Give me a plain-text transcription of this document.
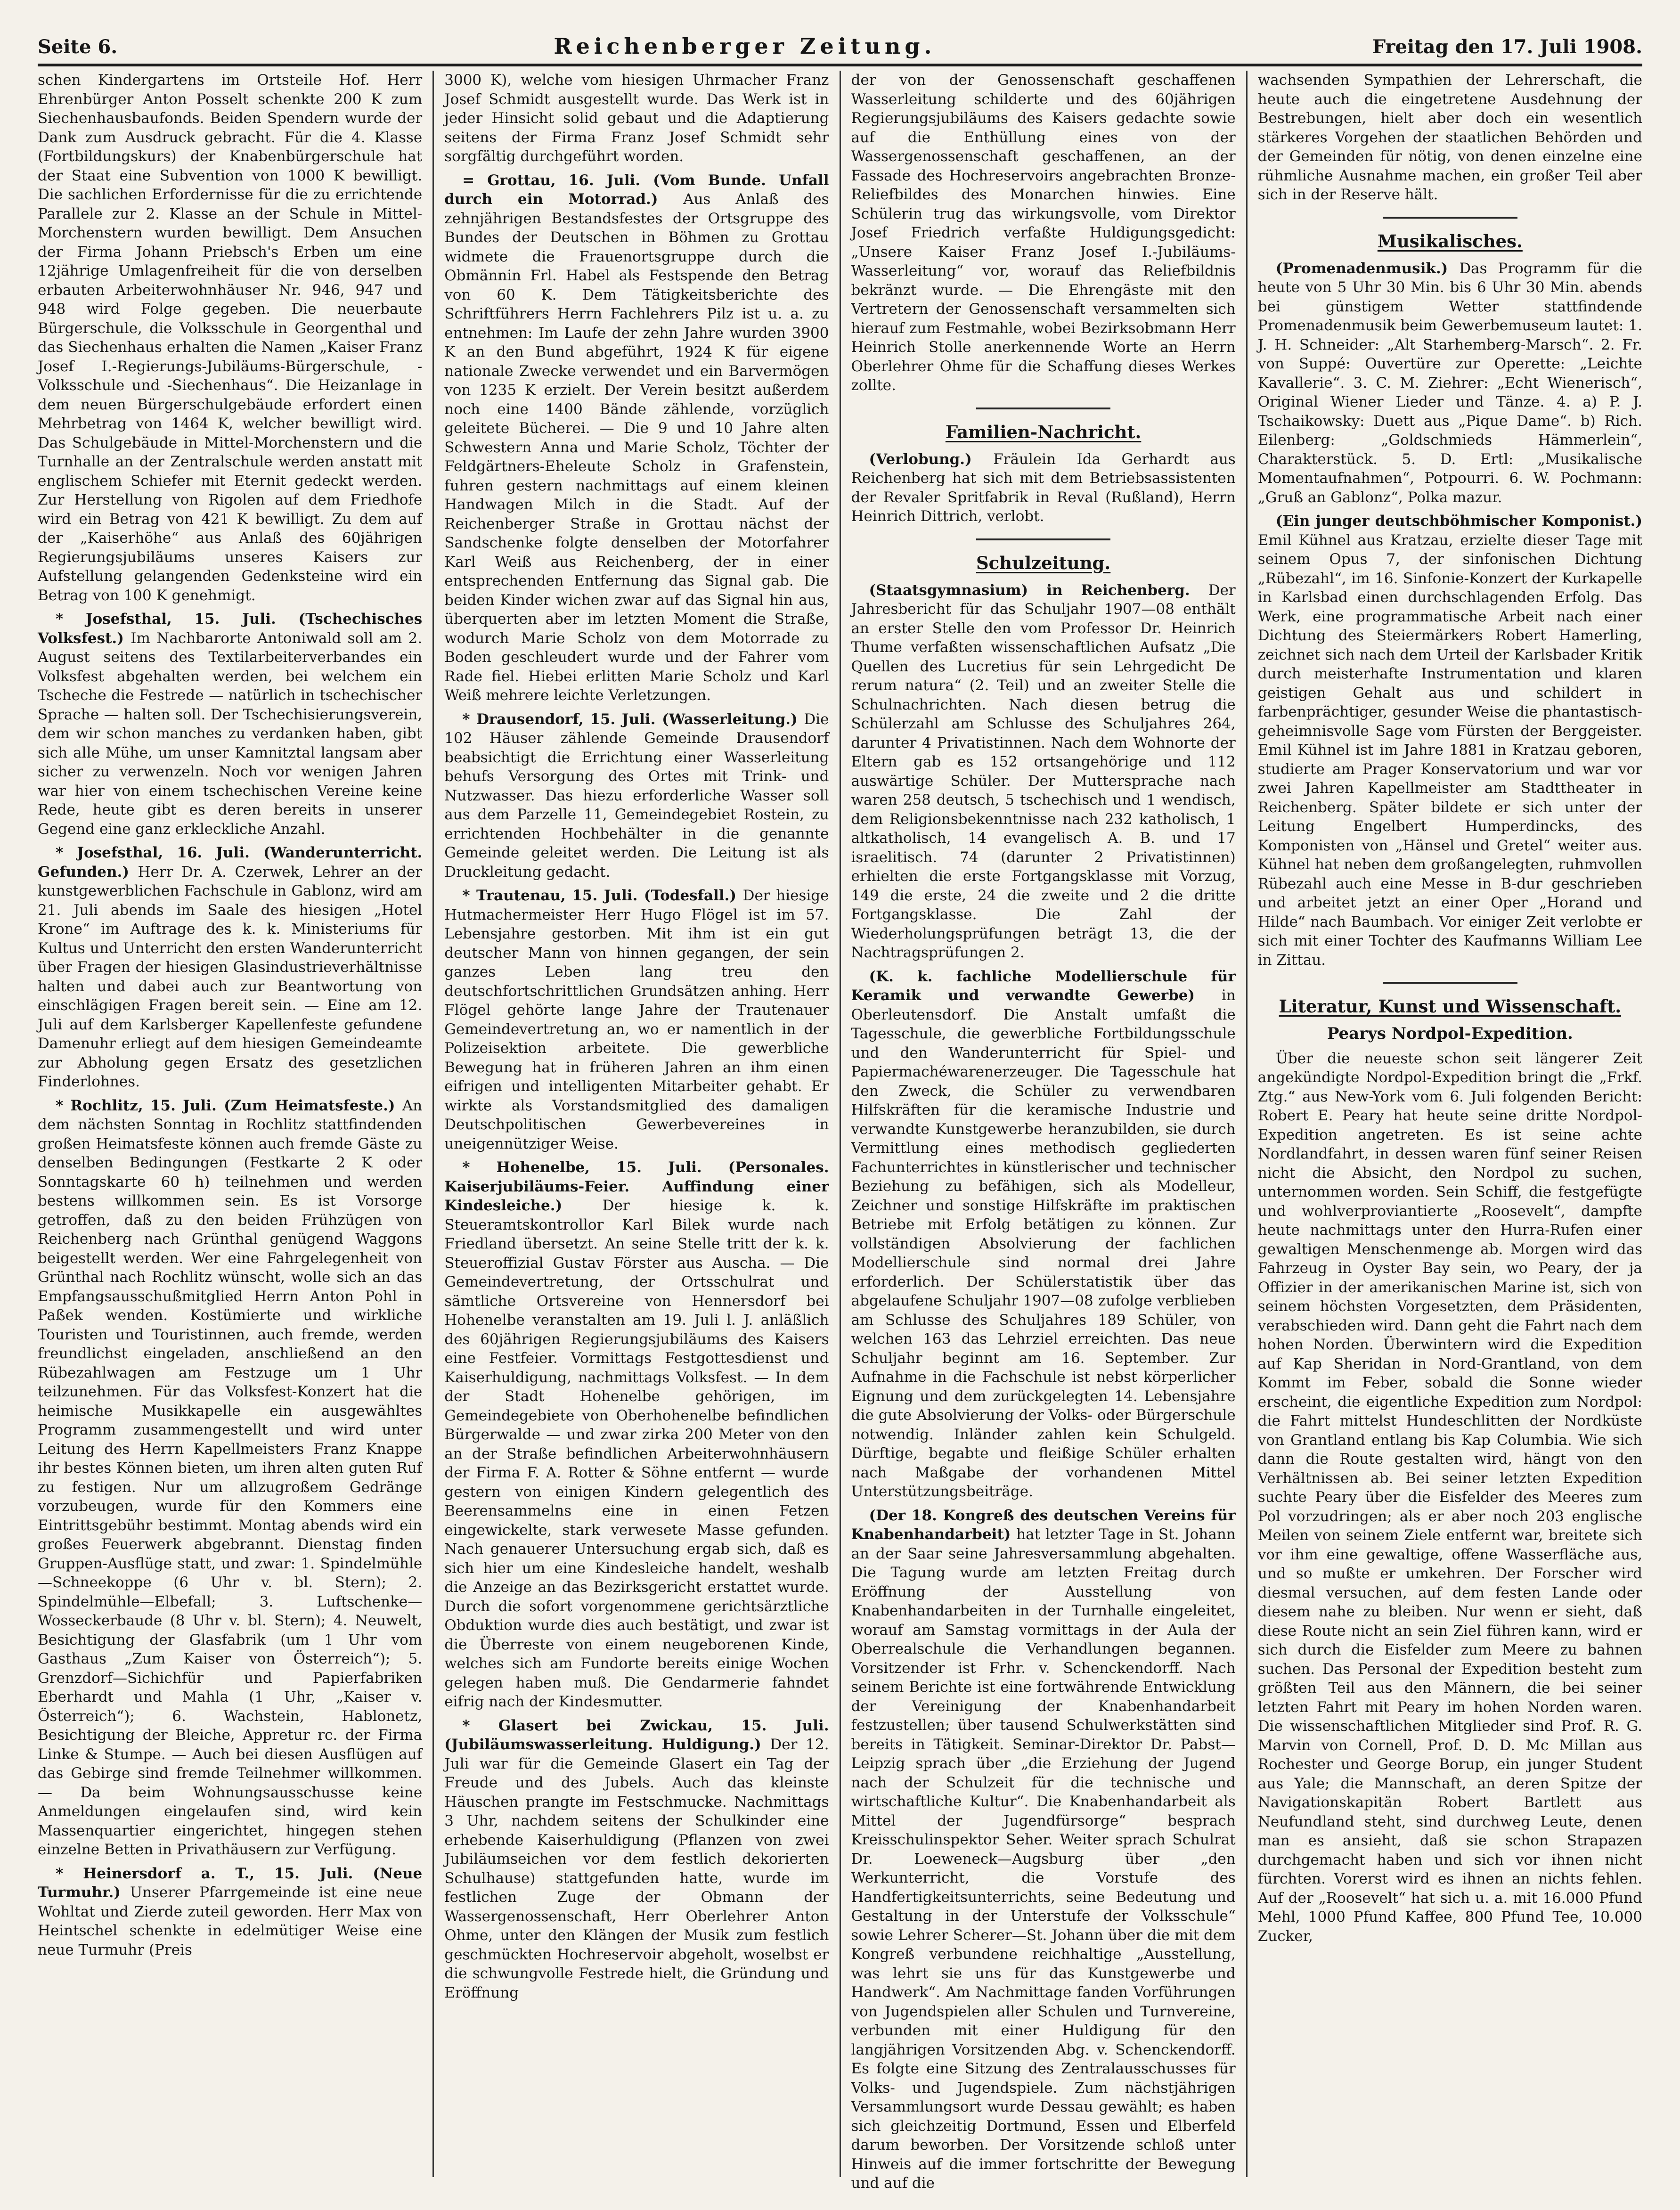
Seite 6.	Reichenberger Zeitung.	Freitag den 17. Juli 1908.

schen Kindergartens im Ortsteile Hof. Herr Ehrenbürger Anton Posselt schenkte 200 K zum Siechenhausbaufonds. Beiden Spendern wurde der Dank zum Ausdruck gebracht. Für die 4. Klasse (Fortbildungskurs) der Knabenbürgerschule hat der Staat eine Subvention von 1000 K bewilligt. Die sachlichen Erfordernisse für die zu errichtende Parallele zur 2. Klasse an der Schule in Mittel-Morchenstern wurden bewilligt. Dem Ansuchen der Firma Johann Priebsch's Erben um eine 12jährige Umlagenfreiheit für die von derselben erbauten Arbeiterwohnhäuser Nr. 946, 947 und 948 wird Folge gegeben. Die neuerbaute Bürgerschule, die Volksschule in Georgenthal und das Siechenhaus erhalten die Namen „Kaiser Franz Josef I.-Regierungs-Jubiläums-Bürgerschule, -Volksschule und -Siechenhaus“. Die Heizanlage in dem neuen Bürgerschulgebäude erfordert einen Mehrbetrag von 1464 K, welcher bewilligt wird. Das Schulgebäude in Mittel-Morchenstern und die Turnhalle an der Zentralschule werden anstatt mit englischem Schiefer mit Eternit gedeckt werden. Zur Herstellung von Rigolen auf dem Friedhofe wird ein Betrag von 421 K bewilligt. Zu dem auf der „Kaiserhöhe“ aus Anlaß des 60jährigen Regierungsjubiläums unseres Kaisers zur Aufstellung gelangenden Gedenksteine wird ein Betrag von 100 K genehmigt.

* Josefsthal, 15. Juli. (Tschechisches Volksfest.) Im Nachbarorte Antoniwald soll am 2. August seitens des Textilarbeiterverbandes ein Volksfest abgehalten werden, bei welchem ein Tscheche die Festrede — natürlich in tschechischer Sprache — halten soll. Der Tschechisierungsverein, dem wir schon manches zu verdanken haben, gibt sich alle Mühe, um unser Kamnitztal langsam aber sicher zu verwenzeln. Noch vor wenigen Jahren war hier von einem tschechischen Vereine keine Rede, heute gibt es deren bereits in unserer Gegend eine ganz erkleckliche Anzahl.

* Josefsthal, 16. Juli. (Wanderunterricht. Gefunden.) Herr Dr. A. Czerwek, Lehrer an der kunstgewerblichen Fachschule in Gablonz, wird am 21. Juli abends im Saale des hiesigen „Hotel Krone“ im Auftrage des k. k. Ministeriums für Kultus und Unterricht den ersten Wanderunterricht über Fragen der hiesigen Glasindustrieverhältnisse halten und dabei auch zur Beantwortung von einschlägigen Fragen bereit sein. — Eine am 12. Juli auf dem Karlsberger Kapellenfeste gefundene Damenuhr erliegt auf dem hiesigen Gemeindeamte zur Abholung gegen Ersatz des gesetzlichen Finderlohnes.

* Rochlitz, 15. Juli. (Zum Heimatsfeste.) An dem nächsten Sonntag in Rochlitz stattfindenden großen Heimatsfeste können auch fremde Gäste zu denselben Bedingungen (Festkarte 2 K oder Sonntagskarte 60 h) teilnehmen und werden bestens willkommen sein. Es ist Vorsorge getroffen, daß zu den beiden Frühzügen von Reichenberg nach Grünthal genügend Waggons beigestellt werden. Wer eine Fahrgelegenheit von Grünthal nach Rochlitz wünscht, wolle sich an das Empfangsausschußmitglied Herrn Anton Pohl in Paßek wenden. Kostümierte und wirkliche Touristen und Touristinnen, auch fremde, werden freundlichst eingeladen, anschließend an den Rübezahlwagen am Festzuge um 1 Uhr teilzunehmen. Für das Volksfest-Konzert hat die heimische Musikkapelle ein ausgewähltes Programm zusammengestellt und wird unter Leitung des Herrn Kapellmeisters Franz Knappe ihr bestes Können bieten, um ihren alten guten Ruf zu festigen. Nur um allzugroßem Gedränge vorzubeugen, wurde für den Kommers eine Eintrittsgebühr bestimmt. Montag abends wird ein großes Feuerwerk abgebrannt. Dienstag finden Gruppen-Ausflüge statt, und zwar: 1. Spindelmühle—Schneekoppe (6 Uhr v. bl. Stern); 2. Spindelmühle—Elbefall; 3. Luftschenke—Wosseckerbaude (8 Uhr v. bl. Stern); 4. Neuwelt, Besichtigung der Glasfabrik (um 1 Uhr vom Gasthaus „Zum Kaiser von Österreich“); 5. Grenzdorf—Sichichfür und Papierfabriken Eberhardt und Mahla (1 Uhr, „Kaiser v. Österreich“); 6. Wachstein, Hablonetz, Besichtigung der Bleiche, Appretur rc. der Firma Linke & Stumpe. — Auch bei diesen Ausflügen auf das Gebirge sind fremde Teilnehmer willkommen. — Da beim Wohnungsausschusse keine Anmeldungen eingelaufen sind, wird kein Massenquartier eingerichtet, hingegen stehen einzelne Betten in Privathäusern zur Verfügung.

* Heinersdorf a. T., 15. Juli. (Neue Turmuhr.) Unserer Pfarrgemeinde ist eine neue Wohltat und Zierde zuteil geworden. Herr Max von Heintschel schenkte in edelmütiger Weise eine neue Turmuhr (Preis

3000 K), welche vom hiesigen Uhrmacher Franz Josef Schmidt ausgestellt wurde. Das Werk ist in jeder Hinsicht solid gebaut und die Adaptierung seitens der Firma Franz Josef Schmidt sehr sorgfältig durchgeführt worden.

= Grottau, 16. Juli. (Vom Bunde. Unfall durch ein Motorrad.) Aus Anlaß des zehnjährigen Bestandsfestes der Ortsgruppe des Bundes der Deutschen in Böhmen zu Grottau widmete die Frauenortsgruppe durch die Obmännin Frl. Habel als Festspende den Betrag von 60 K. Dem Tätigkeitsberichte des Schriftführers Herrn Fachlehrers Pilz ist u. a. zu entnehmen: Im Laufe der zehn Jahre wurden 3900 K an den Bund abgeführt, 1924 K für eigene nationale Zwecke verwendet und ein Barvermögen von 1235 K erzielt. Der Verein besitzt außerdem noch eine 1400 Bände zählende, vorzüglich geleitete Bücherei. — Die 9 und 10 Jahre alten Schwestern Anna und Marie Scholz, Töchter der Feldgärtners-Eheleute Scholz in Grafenstein, fuhren gestern nachmittags auf einem kleinen Handwagen Milch in die Stadt. Auf der Reichenberger Straße in Grottau nächst der Sandschenke folgte denselben der Motorfahrer Karl Weiß aus Reichenberg, der in einer entsprechenden Entfernung das Signal gab. Die beiden Kinder wichen zwar auf das Signal hin aus, überquerten aber im letzten Moment die Straße, wodurch Marie Scholz von dem Motorrade zu Boden geschleudert wurde und der Fahrer vom Rade fiel. Hiebei erlitten Marie Scholz und Karl Weiß mehrere leichte Verletzungen.

* Drausendorf, 15. Juli. (Wasserleitung.) Die 102 Häuser zählende Gemeinde Drausendorf beabsichtigt die Errichtung einer Wasserleitung behufs Versorgung des Ortes mit Trink- und Nutzwasser. Das hiezu erforderliche Wasser soll aus dem Parzelle 11, Gemeindegebiet Rostein, zu errichtenden Hochbehälter in die genannte Gemeinde geleitet werden. Die Leitung ist als Druckleitung gedacht.

* Trautenau, 15. Juli. (Todesfall.) Der hiesige Hutmachermeister Herr Hugo Flögel ist im 57. Lebensjahre gestorben. Mit ihm ist ein gut deutscher Mann von hinnen gegangen, der sein ganzes Leben lang treu den deutschfortschrittlichen Grundsätzen anhing. Herr Flögel gehörte lange Jahre der Trautenauer Gemeindevertretung an, wo er namentlich in der Polizeisektion arbeitete. Die gewerbliche Bewegung hat in früheren Jahren an ihm einen eifrigen und intelligenten Mitarbeiter gehabt. Er wirkte als Vorstandsmitglied des damaligen Deutschpolitischen Gewerbevereines in uneigennütziger Weise.

* Hohenelbe, 15. Juli. (Personales. Kaiserjubiläums-Feier. Auffindung einer Kindesleiche.) Der hiesige k. k. Steueramtskontrollor Karl Bilek wurde nach Friedland übersetzt. An seine Stelle tritt der k. k. Steueroffizial Gustav Förster aus Auscha. — Die Gemeindevertretung, der Ortsschulrat und sämtliche Ortsvereine von Hennersdorf bei Hohenelbe veranstalten am 19. Juli l. J. anläßlich des 60jährigen Regierungsjubiläums des Kaisers eine Festfeier. Vormittags Festgottesdienst und Kaiserhuldigung, nachmittags Volksfest. — In dem der Stadt Hohenelbe gehörigen, im Gemeindegebiete von Oberhohenelbe befindlichen Bürgerwalde — und zwar zirka 200 Meter von den an der Straße befindlichen Arbeiterwohnhäusern der Firma F. A. Rotter & Söhne entfernt — wurde gestern von einigen Kindern gelegentlich des Beerensammelns eine in einen Fetzen eingewickelte, stark verwesete Masse gefunden. Nach genauerer Untersuchung ergab sich, daß es sich hier um eine Kindesleiche handelt, weshalb die Anzeige an das Bezirksgericht erstattet wurde. Durch die sofort vorgenommene gerichtsärztliche Obduktion wurde dies auch bestätigt, und zwar ist die Überreste von einem neugeborenen Kinde, welches sich am Fundorte bereits einige Wochen gelegen haben muß. Die Gendarmerie fahndet eifrig nach der Kindesmutter.

* Glasert bei Zwickau, 15. Juli. (Jubiläumswasserleitung. Huldigung.) Der 12. Juli war für die Gemeinde Glasert ein Tag der Freude und des Jubels. Auch das kleinste Häuschen prangte im Festschmucke. Nachmittags 3 Uhr, nachdem seitens der Schulkinder eine erhebende Kaiserhuldigung (Pflanzen von zwei Jubiläumseichen vor dem festlich dekorierten Schulhause) stattgefunden hatte, wurde im festlichen Zuge der Obmann der Wassergenossenschaft, Herr Oberlehrer Anton Ohme, unter den Klängen der Musik zum festlich geschmückten Hochreservoir abgeholt, woselbst er die schwungvolle Festrede hielt, die Gründung und Eröffnung

der von der Genossenschaft geschaffenen Wasserleitung schilderte und des 60jährigen Regierungsjubiläums des Kaisers gedachte sowie auf die Enthüllung eines von der Wassergenossenschaft geschaffenen, an der Fassade des Hochreservoirs angebrachten Bronze-Reliefbildes des Monarchen hinwies. Eine Schülerin trug das wirkungsvolle, vom Direktor Josef Friedrich verfaßte Huldigungsgedicht: „Unsere Kaiser Franz Josef I.-Jubiläums-Wasserleitung“ vor, worauf das Reliefbildnis bekränzt wurde. — Die Ehrengäste mit den Vertretern der Genossenschaft versammelten sich hierauf zum Festmahle, wobei Bezirksobmann Herr Heinrich Stolle anerkennende Worte an Herrn Oberlehrer Ohme für die Schaffung dieses Werkes zollte.

Familien-Nachricht.

(Verlobung.) Fräulein Ida Gerhardt aus Reichenberg hat sich mit dem Betriebsassistenten der Revaler Spritfabrik in Reval (Rußland), Herrn Heinrich Dittrich, verlobt.

Schulzeitung.

(Staatsgymnasium) in Reichenberg. Der Jahresbericht für das Schuljahr 1907—08 enthält an erster Stelle den vom Professor Dr. Heinrich Thume verfaßten wissenschaftlichen Aufsatz „Die Quellen des Lucretius für sein Lehrgedicht De rerum natura“ (2. Teil) und an zweiter Stelle die Schulnachrichten. Nach diesen betrug die Schülerzahl am Schlusse des Schuljahres 264, darunter 4 Privatistinnen. Nach dem Wohnorte der Eltern gab es 152 ortsangehörige und 112 auswärtige Schüler. Der Muttersprache nach waren 258 deutsch, 5 tschechisch und 1 wendisch, dem Religionsbekenntnisse nach 232 katholisch, 1 altkatholisch, 14 evangelisch A. B. und 17 israelitisch. 74 (darunter 2 Privatistinnen) erhielten die erste Fortgangsklasse mit Vorzug, 149 die erste, 24 die zweite und 2 die dritte Fortgangsklasse. Die Zahl der Wiederholungsprüfungen beträgt 13, die der Nachtragsprüfungen 2.

(K. k. fachliche Modellierschule für Keramik und verwandte Gewerbe) in Oberleutensdorf. Die Anstalt umfaßt die Tagesschule, die gewerbliche Fortbildungsschule und den Wanderunterricht für Spiel- und Papiermachéwarenerzeuger. Die Tagesschule hat den Zweck, die Schüler zu verwendbaren Hilfskräften für die keramische Industrie und verwandte Kunstgewerbe heranzubilden, sie durch Vermittlung eines methodisch gegliederten Fachunterrichtes in künstlerischer und technischer Beziehung zu befähigen, sich als Modelleur, Zeichner und sonstige Hilfskräfte im praktischen Betriebe mit Erfolg betätigen zu können. Zur vollständigen Absolvierung der fachlichen Modellierschule sind normal drei Jahre erforderlich. Der Schülerstatistik über das abgelaufene Schuljahr 1907—08 zufolge verblieben am Schlusse des Schuljahres 189 Schüler, von welchen 163 das Lehrziel erreichten. Das neue Schuljahr beginnt am 16. September. Zur Aufnahme in die Fachschule ist nebst körperlicher Eignung und dem zurückgelegten 14. Lebensjahre die gute Absolvierung der Volks- oder Bürgerschule notwendig. Inländer zahlen kein Schulgeld. Dürftige, begabte und fleißige Schüler erhalten nach Maßgabe der vorhandenen Mittel Unterstützungsbeiträge.

(Der 18. Kongreß des deutschen Vereins für Knabenhandarbeit) hat letzter Tage in St. Johann an der Saar seine Jahresversammlung abgehalten. Die Tagung wurde am letzten Freitag durch Eröffnung der Ausstellung von Knabenhandarbeiten in der Turnhalle eingeleitet, worauf am Samstag vormittags in der Aula der Oberrealschule die Verhandlungen begannen. Vorsitzender ist Frhr. v. Schenckendorff. Nach seinem Berichte ist eine fortwährende Entwicklung der Vereinigung der Knabenhandarbeit festzustellen; über tausend Schulwerkstätten sind bereits in Tätigkeit. Seminar-Direktor Dr. Pabst—Leipzig sprach über „die Erziehung der Jugend nach der Schulzeit für die technische und wirtschaftliche Kultur“. Die Knabenhandarbeit als Mittel der Jugendfürsorge“ besprach Kreisschulinspektor Seher. Weiter sprach Schulrat Dr. Loeweneck—Augsburg über „den Werkunterricht, die Vorstufe des Handfertigkeitsunterrichts, seine Bedeutung und Gestaltung in der Unterstufe der Volksschule“ sowie Lehrer Scherer—St. Johann über die mit dem Kongreß verbundene reichhaltige „Ausstellung, was lehrt sie uns für das Kunstgewerbe und Handwerk“. Am Nachmittage fanden Vorführungen von Jugendspielen aller Schulen und Turnvereine, verbunden mit einer Huldigung für den langjährigen Vorsitzenden Abg. v. Schenckendorff. Es folgte eine Sitzung des Zentralausschusses für Volks- und Jugendspiele. Zum nächstjährigen Versammlungsort wurde Dessau gewählt; es haben sich gleichzeitig Dortmund, Essen und Elberfeld darum beworben. Der Vorsitzende schloß unter Hinweis auf die immer fortschritte der Bewegung und auf die

wachsenden Sympathien der Lehrerschaft, die heute auch die eingetretene Ausdehnung der Bestrebungen, hielt aber doch ein wesentlich stärkeres Vorgehen der staatlichen Behörden und der Gemeinden für nötig, von denen einzelne eine rühmliche Ausnahme machen, ein großer Teil aber sich in der Reserve hält.

Musikalisches.

(Promenadenmusik.) Das Programm für die heute von 5 Uhr 30 Min. bis 6 Uhr 30 Min. abends bei günstigem Wetter stattfindende Promenadenmusik beim Gewerbemuseum lautet: 1. J. H. Schneider: „Alt Starhemberg-Marsch“. 2. Fr. von Suppé: Ouvertüre zur Operette: „Leichte Kavallerie“. 3. C. M. Ziehrer: „Echt Wienerisch“, Original Wiener Lieder und Tänze. 4. a) P. J. Tschaikowsky: Duett aus „Pique Dame“. b) Rich. Eilenberg: „Goldschmieds Hämmerlein“, Charakterstück. 5. D. Ertl: „Musikalische Momentaufnahmen“, Potpourri. 6. W. Pochmann: „Gruß an Gablonz“, Polka mazur.

(Ein junger deutschböhmischer Komponist.) Emil Kühnel aus Kratzau, erzielte dieser Tage mit seinem Opus 7, der sinfonischen Dichtung „Rübezahl“, im 16. Sinfonie-Konzert der Kurkapelle in Karlsbad einen durchschlagenden Erfolg. Das Werk, eine programmatische Arbeit nach einer Dichtung des Steiermärkers Robert Hamerling, zeichnet sich nach dem Urteil der Karlsbader Kritik durch meisterhafte Instrumentation und klaren geistigen Gehalt aus und schildert in farbenprächtiger, gesunder Weise die phantastisch-geheimnisvolle Sage vom Fürsten der Berggeister. Emil Kühnel ist im Jahre 1881 in Kratzau geboren, studierte am Prager Konservatorium und war vor zwei Jahren Kapellmeister am Stadttheater in Reichenberg. Später bildete er sich unter der Leitung Engelbert Humperdincks, des Komponisten von „Hänsel und Gretel“ weiter aus. Kühnel hat neben dem großangelegten, ruhmvollen Rübezahl auch eine Messe in B-dur geschrieben und arbeitet jetzt an einer Oper „Horand und Hilde“ nach Baumbach. Vor einiger Zeit verlobte er sich mit einer Tochter des Kaufmanns William Lee in Zittau.

Literatur, Kunst und Wissenschaft.
Pearys Nordpol-Expedition.

Über die neueste schon seit längerer Zeit angekündigte Nordpol-Expedition bringt die „Frkf. Ztg.“ aus New-York vom 6. Juli folgenden Bericht: Robert E. Peary hat heute seine dritte Nordpol-Expedition angetreten. Es ist seine achte Nordlandfahrt, in dessen waren fünf seiner Reisen nicht die Absicht, den Nordpol zu suchen, unternommen worden. Sein Schiff, die festgefügte und wohlverproviantierte „Roosevelt“, dampfte heute nachmittags unter den Hurra-Rufen einer gewaltigen Menschenmenge ab. Morgen wird das Fahrzeug in Oyster Bay sein, wo Peary, der ja Offizier in der amerikanischen Marine ist, sich von seinem höchsten Vorgesetzten, dem Präsidenten, verabschieden wird. Dann geht die Fahrt nach dem hohen Norden. Überwintern wird die Expedition auf Kap Sheridan in Nord-Grantland, von dem Kommt im Feber, sobald die Sonne wieder erscheint, die eigentliche Expedition zum Nordpol: die Fahrt mittelst Hundeschlitten der Nordküste von Grantland entlang bis Kap Columbia. Wie sich dann die Route gestalten wird, hängt von den Verhältnissen ab. Bei seiner letzten Expedition suchte Peary über die Eisfelder des Meeres zum Pol vorzudringen; als er aber noch 203 englische Meilen von seinem Ziele entfernt war, breitete sich vor ihm eine gewaltige, offene Wasserfläche aus, und so mußte er umkehren. Der Forscher wird diesmal versuchen, auf dem festen Lande oder diesem nahe zu bleiben. Nur wenn er sieht, daß diese Route nicht an sein Ziel führen kann, wird er sich durch die Eisfelder zum Meere zu bahnen suchen. Das Personal der Expedition besteht zum größten Teil aus den Männern, die bei seiner letzten Fahrt mit Peary im hohen Norden waren. Die wissenschaftlichen Mitglieder sind Prof. R. G. Marvin von Cornell, Prof. D. D. Mc Millan aus Rochester und George Borup, ein junger Student aus Yale; die Mannschaft, an deren Spitze der Navigationskapitän Robert Bartlett aus Neufundland steht, sind durchweg Leute, denen man es ansieht, daß sie schon Strapazen durchgemacht haben und sich vor ihnen nicht fürchten. Vorerst wird es ihnen an nichts fehlen. Auf der „Roosevelt“ hat sich u. a. mit 16.000 Pfund Mehl, 1000 Pfund Kaffee, 800 Pfund Tee, 10.000 Zucker,
